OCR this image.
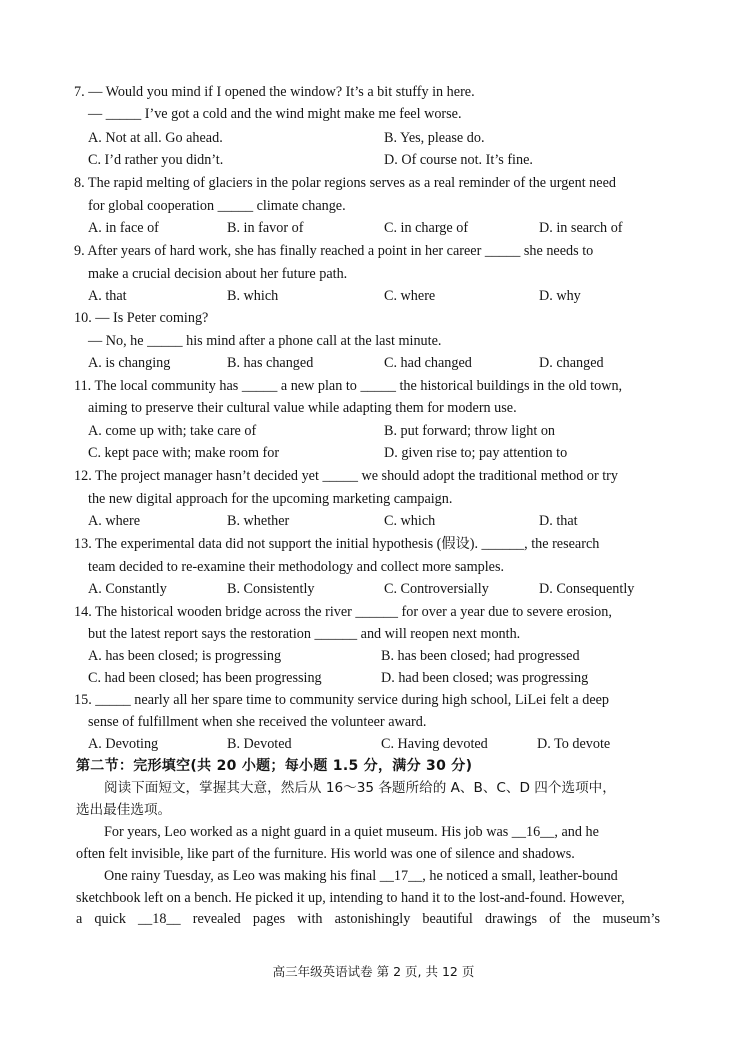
7. — Would you mind if I opened the window? It’s a bit stuffy in here.
— _____ I’ve got a cold and the wind might make me feel worse.
A. Not at all. Go ahead.	B. Yes, please do.
C. I’d rather you didn’t.	D. Of course not. It’s fine.
8. The rapid melting of glaciers in the polar regions serves as a real reminder of the urgent need
for global cooperation _____ climate change.
A. in face of	B. in favor of	C. in charge of	D. in search of
9. After years of hard work, she has finally reached a point in her career _____ she needs to
make a crucial decision about her future path.
A. that	B. which	C. where	D. why
10. — Is Peter coming?
— No, he _____ his mind after a phone call at the last minute.
A. is changing	B. has changed	C. had changed	D. changed
11. The local community has _____ a new plan to _____ the historical buildings in the old town,
aiming to preserve their cultural value while adapting them for modern use.
A. come up with; take care of	B. put forward; throw light on
C. kept pace with; make room for	D. given rise to; pay attention to
12. The project manager hasn’t decided yet _____ we should adopt the traditional method or try
the new digital approach for the upcoming marketing campaign.
A. where	B. whether	C. which	D. that
13. The experimental data did not support the initial hypothesis (假设). ______, the research
team decided to re-examine their methodology and collect more samples.
A. Constantly	B. Consistently	C. Controversially	D. Consequently
14. The historical wooden bridge across the river ______ for over a year due to severe erosion,
but the latest report says the restoration ______ and will reopen next month.
A. has been closed; is progressing	B. has been closed; had progressed
C. had been closed; has been progressing	D. had been closed; was progressing
15. _____ nearly all her spare time to community service during high school, LiLei felt a deep
sense of fulfillment when she received the volunteer award.
A. Devoting	B. Devoted	C. Having devoted	D. To devote
第二节：完形填空(共 20 小题；每小题 1.5 分，满分 30 分)
阅读下面短文，掌握其大意，然后从 16～35 各题所给的 A、B、C、D 四个选项中，
选出最佳选项。
For years, Leo worked as a night guard in a quiet museum. His job was __16__, and he
often felt invisible, like part of the furniture. His world was one of silence and shadows.
One rainy Tuesday, as Leo was making his final __17__, he noticed a small, leather-bound
sketchbook left on a bench. He picked it up, intending to hand it to the lost-and-found. However,
a quick __18__ revealed pages with astonishingly beautiful drawings of the museum’s
高三年级英语试卷 第 2 页, 共 12 页
